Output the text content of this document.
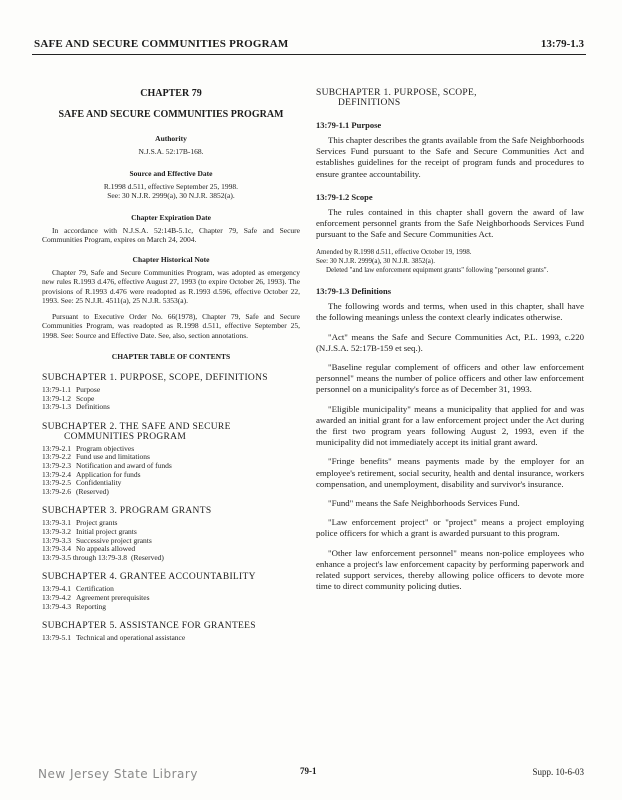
SAFE AND SECURE COMMUNITIES PROGRAM	13:79-1.3

CHAPTER 79

SAFE AND SECURE COMMUNITIES PROGRAM

Authority

N.J.S.A. 52:17B-168.

Source and Effective Date

R.1998 d.511, effective September 25, 1998.

See: 30 N.J.R. 2999(a), 30 N.J.R. 3852(a).

Chapter Expiration Date

In accordance with N.J.S.A. 52:14B-5.1c, Chapter 79, Safe and Secure Communities Program, expires on March 24, 2004.

Chapter Historical Note

Chapter 79, Safe and Secure Communities Program, was adopted as emergency new rules R.1993 d.476, effective August 27, 1993 (to expire October 26, 1993). The provisions of R.1993 d.476 were readopted as R.1993 d.596, effective October 22, 1993. See: 25 N.J.R. 4511(a), 25 N.J.R. 5353(a).

Pursuant to Executive Order No. 66(1978), Chapter 79, Safe and Secure Communities Program, was readopted as R.1998 d.511, effective September 25, 1998. See: Source and Effective Date. See, also, section annotations.

CHAPTER TABLE OF CONTENTS

SUBCHAPTER 1. PURPOSE, SCOPE, DEFINITIONS

13:79-1.1 Purpose
13:79-1.2 Scope
13:79-1.3 Definitions

SUBCHAPTER 2. THE SAFE AND SECURE

COMMUNITIES PROGRAM

13:79-2.1 Program objectives
13:79-2.2 Fund use and limitations
13:79-2.3 Notification and award of funds
13:79-2.4 Application for funds
13:79-2.5 Confidentiality
13:79-2.6 (Reserved)

SUBCHAPTER 3. PROGRAM GRANTS

13:79-3.1 Project grants
13:79-3.2 Initial project grants
13:79-3.3 Successive project grants
13:79-3.4 No appeals allowed
13:79-3.5 through 13:79-3.8 (Reserved)

SUBCHAPTER 4. GRANTEE ACCOUNTABILITY

13:79-4.1 Certification
13:79-4.2 Agreement prerequisites
13:79-4.3 Reporting

SUBCHAPTER 5. ASSISTANCE FOR GRANTEES

13:79-5.1 Technical and operational assistance

SUBCHAPTER 1. PURPOSE, SCOPE,

DEFINITIONS

13:79-1.1 Purpose

This chapter describes the grants available from the Safe Neighborhoods Services Fund pursuant to the Safe and Secure Communities Act and establishes guidelines for the receipt of program funds and procedures to ensure grantee accountability.

13:79-1.2 Scope

The rules contained in this chapter shall govern the award of law enforcement personnel grants from the Safe Neighborhoods Services Fund pursuant to the Safe and Secure Communities Act.

Amended by R.1998 d.511, effective October 19, 1998.

See: 30 N.J.R. 2999(a), 30 N.J.R. 3852(a).

Deleted "and law enforcement equipment grants" following "personnel grants".

13:79-1.3 Definitions

The following words and terms, when used in this chapter, shall have the following meanings unless the context clearly indicates otherwise.

"Act" means the Safe and Secure Communities Act, P.L. 1993, c.220 (N.J.S.A. 52:17B-159 et seq.).

"Baseline regular complement of officers and other law enforcement personnel" means the number of police officers and other law enforcement personnel on a municipality's force as of December 31, 1993.

"Eligible municipality" means a municipality that applied for and was awarded an initial grant for a law enforcement project under the Act during the first two program years following August 2, 1993, even if the municipality did not immediately accept its initial grant award.

"Fringe benefits" means payments made by the employer for an employee's retirement, social security, health and dental insurance, workers compensation, and unemployment, disability and survivor's insurance.

"Fund" means the Safe Neighborhoods Services Fund.

"Law enforcement project" or "project" means a project employing police officers for which a grant is awarded pursuant to this program.

"Other law enforcement personnel" means non-police employees who enhance a project's law enforcement capacity by performing paperwork and related support services, thereby allowing police officers to devote more time to direct community policing duties.

New Jersey State Library	79-1	Supp. 10-6-03
